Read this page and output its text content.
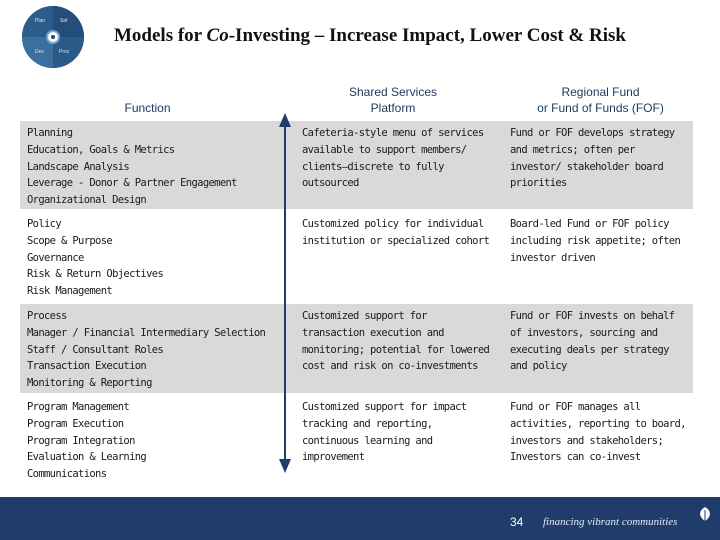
Plan	Set
Dev	Proc
Models for Co-Investing – Increase Impact, Lower Cost & Risk
Function
Shared Services
Platform
Regional Fund
or Fund of Funds (FOF)
Planning
Education, Goals & Metrics
Landscape Analysis
Leverage - Donor & Partner Engagement
Organizational Design
Cafeteria-style menu of services
available to support members/
clients—discrete to fully
outsourced
Fund or FOF develops strategy
and metrics; often per
investor/ stakeholder board
priorities
Policy
Scope & Purpose
Governance
Risk & Return Objectives
Risk Management
Customized policy for individual
institution or specialized cohort
Board-led Fund or FOF policy
including risk appetite; often
investor driven
Process
Manager / Financial Intermediary Selection
Staff / Consultant Roles
Transaction Execution
Monitoring & Reporting
Customized support for
transaction execution and
monitoring; potential for lowered
cost and risk on co-investments
Fund or FOF invests on behalf
of investors, sourcing and
executing deals per strategy
and policy
Program Management
Program Execution
Program Integration
Evaluation & Learning
Communications
Customized support for impact
tracking and reporting,
continuous learning and
improvement
Fund or FOF manages all
activities, reporting to board,
investors and stakeholders;
Investors can co-invest
34 financing vibrant communities
